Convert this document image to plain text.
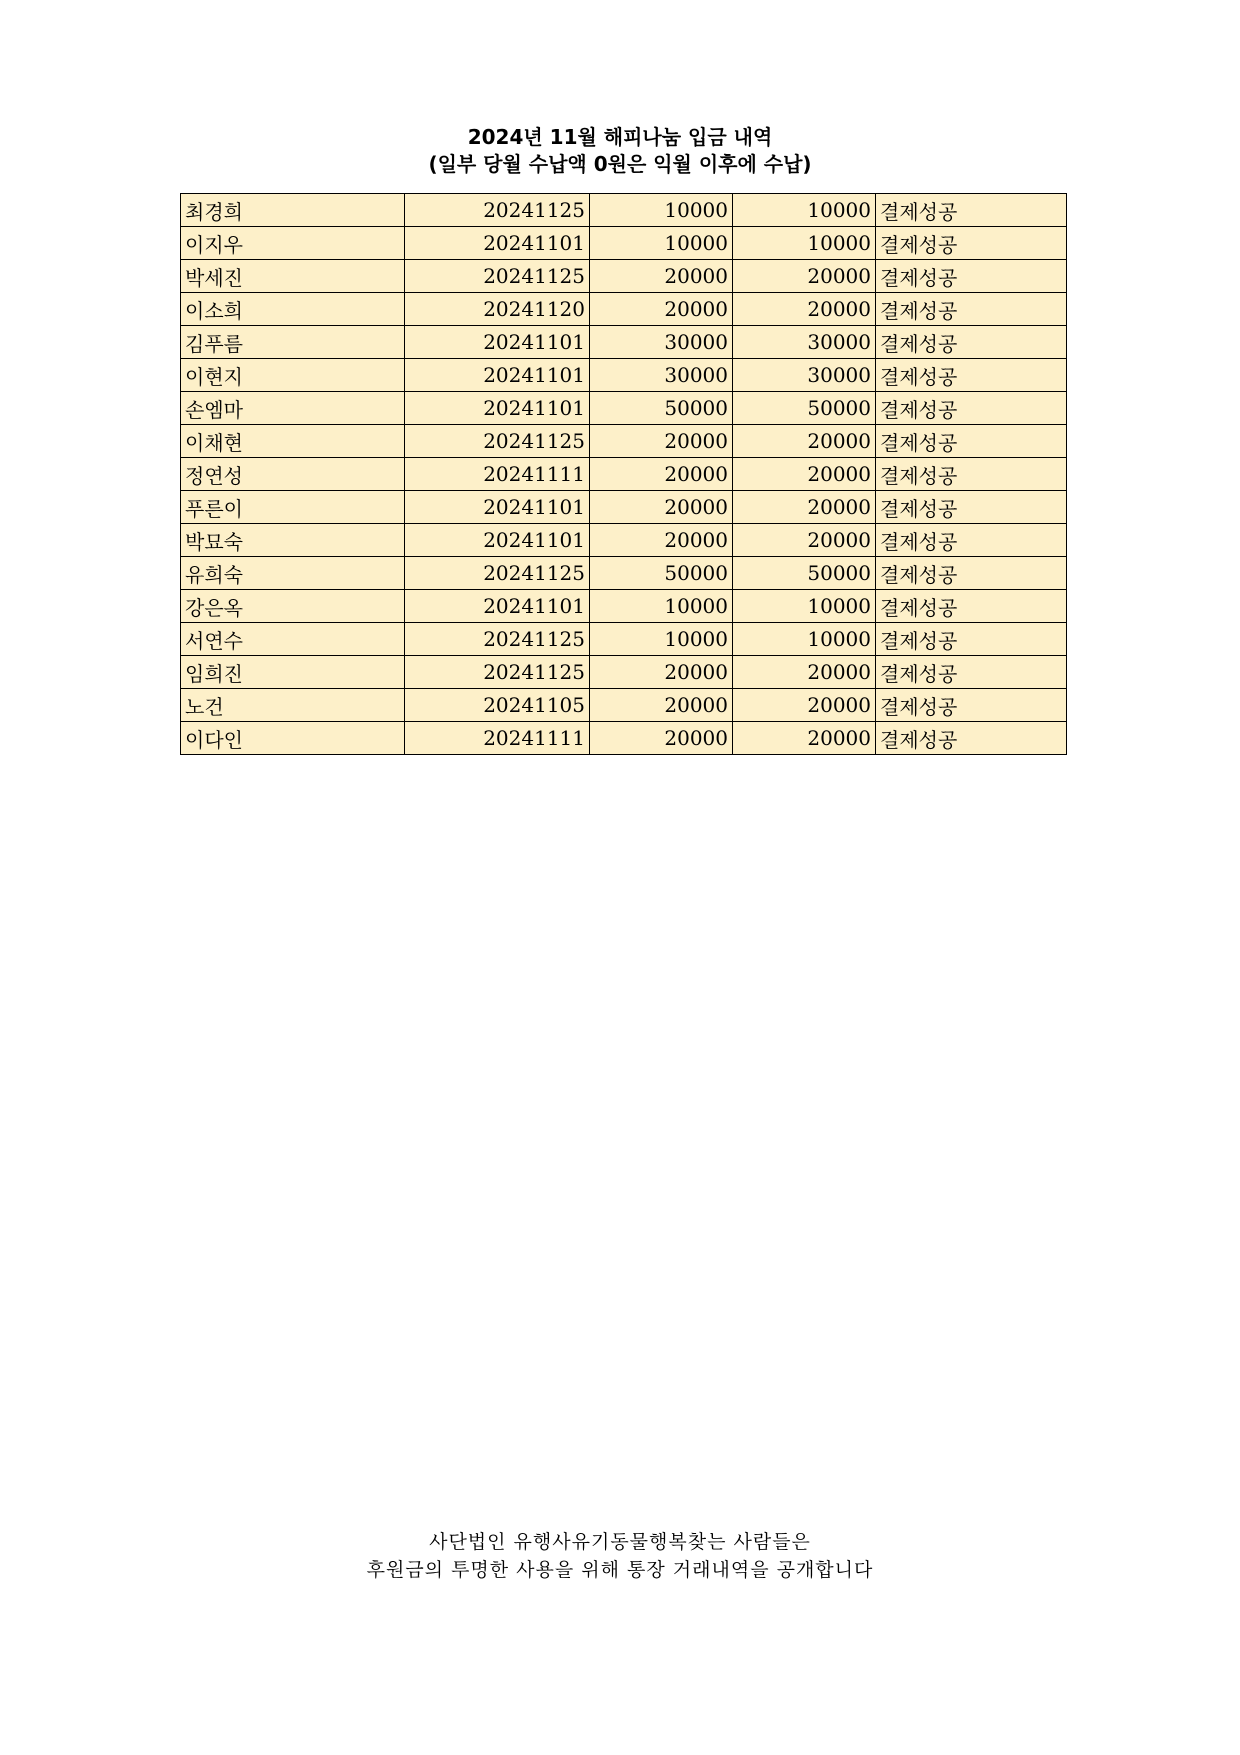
2024년 11월 해피나눔 입금 내역
(일부 당월 수납액 0원은 익월 이후에 수납)
최경희	20241125	10000	10000	결제성공
이지우	20241101	10000	10000	결제성공
박세진	20241125	20000	20000	결제성공
이소희	20241120	20000	20000	결제성공
김푸름	20241101	30000	30000	결제성공
이현지	20241101	30000	30000	결제성공
손엠마	20241101	50000	50000	결제성공
이채현	20241125	20000	20000	결제성공
정연성	20241111	20000	20000	결제성공
푸른이	20241101	20000	20000	결제성공
박묘숙	20241101	20000	20000	결제성공
유희숙	20241125	50000	50000	결제성공
강은옥	20241101	10000	10000	결제성공
서연수	20241125	10000	10000	결제성공
임희진	20241125	20000	20000	결제성공
노건	20241105	20000	20000	결제성공
이다인	20241111	20000	20000	결제성공
사단법인 유행사유기동물행복찾는 사람들은
후원금의 투명한 사용을 위해 통장 거래내역을 공개합니다
